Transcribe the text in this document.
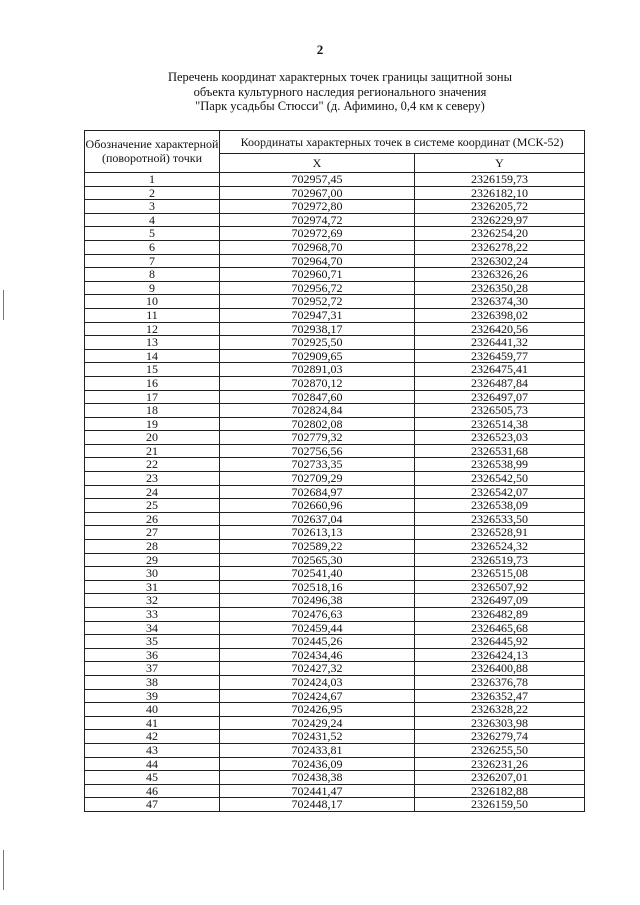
2
Перечень координат характерных точек границы защитной зоны
объекта культурного наследия регионального значения
"Парк усадьбы Стюсси" (д. Афимино, 0,4 км к северу)
Обозначение характерной (поворотной) точки	Координаты характерных точек в системе координат (МСК-52)	
	X	Y
1	702957,45	2326159,73
2	702967,00	2326182,10
3	702972,80	2326205,72
4	702974,72	2326229,97
5	702972,69	2326254,20
6	702968,70	2326278,22
7	702964,70	2326302,24
8	702960,71	2326326,26
9	702956,72	2326350,28
10	702952,72	2326374,30
11	702947,31	2326398,02
12	702938,17	2326420,56
13	702925,50	2326441,32
14	702909,65	2326459,77
15	702891,03	2326475,41
16	702870,12	2326487,84
17	702847,60	2326497,07
18	702824,84	2326505,73
19	702802,08	2326514,38
20	702779,32	2326523,03
21	702756,56	2326531,68
22	702733,35	2326538,99
23	702709,29	2326542,50
24	702684,97	2326542,07
25	702660,96	2326538,09
26	702637,04	2326533,50
27	702613,13	2326528,91
28	702589,22	2326524,32
29	702565,30	2326519,73
30	702541,40	2326515,08
31	702518,16	2326507,92
32	702496,38	2326497,09
33	702476,63	2326482,89
34	702459,44	2326465,68
35	702445,26	2326445,92
36	702434,46	2326424,13
37	702427,32	2326400,88
38	702424,03	2326376,78
39	702424,67	2326352,47
40	702426,95	2326328,22
41	702429,24	2326303,98
42	702431,52	2326279,74
43	702433,81	2326255,50
44	702436,09	2326231,26
45	702438,38	2326207,01
46	702441,47	2326182,88
47	702448,17	2326159,50
